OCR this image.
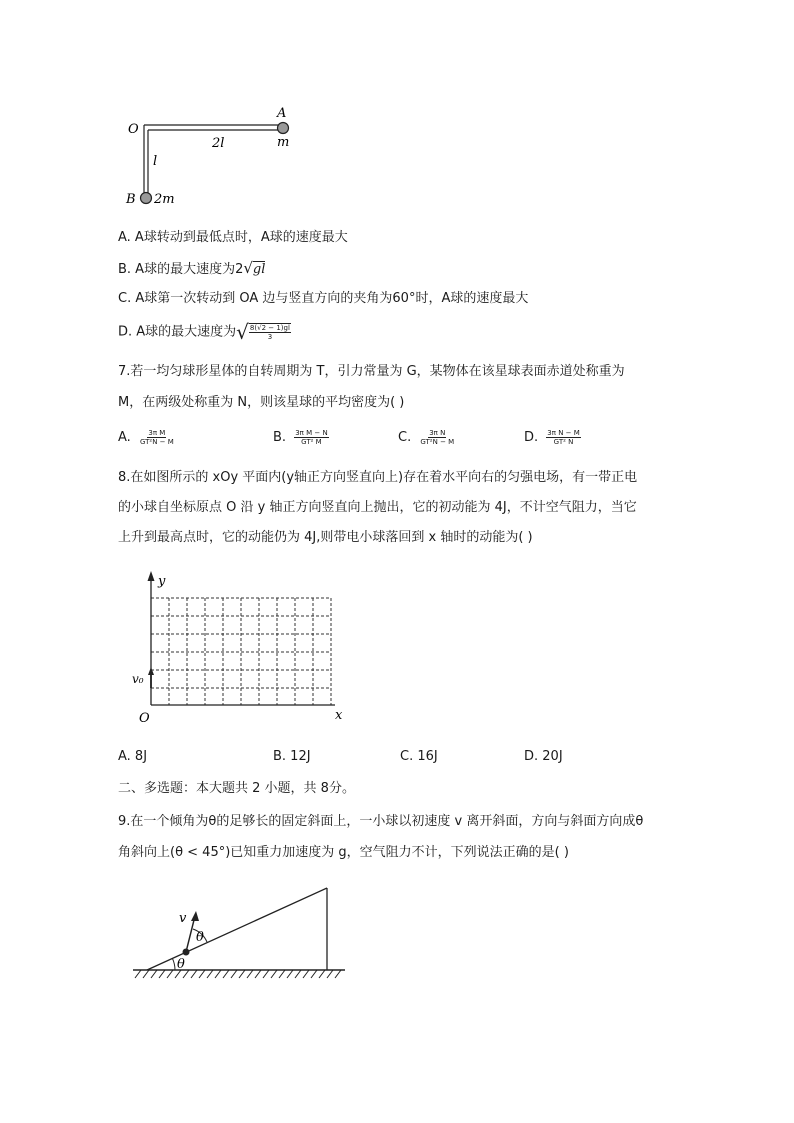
O
A
2l	m
l
B 2m
A. A球转动到最低点时，A球的速度最大
B. A球的最大速度为2√gl
C. A球第一次转动到 OA 边与竖直方向的夹角为60°时，A球的速度最大
D. A球的最大速度为√ $\frac{8(√2 - 1)gl}{3}$
7.若一均匀球形星体的自转周期为 T，引力常量为 G，某物体在该星球表面赤道处称重为
M，在两级处称重为 N，则该星球的平均密度为( )
A. $\frac{\text{3π M}}{\text{GT²N − M}}$	B. $\frac{\text{3π M − N}}{\text{GT² M}}$	C. $\frac{\text{3π N}}{\text{GT²N − M}}$	D. $\frac{\text{3π N − M}}{\text{GT² N}}$
8.在如图所示的 xOy 平面内(y轴正方向竖直向上)存在着水平向右的匀强电场，有一带正电
的小球自坐标原点 O 沿 y 轴正方向竖直向上抛出，它的初动能为 4J，不计空气阻力，当它
上升到最高点时，它的动能仍为 4J,则带电小球落回到 x 轴时的动能为( )
y
x
O
v₀
A. 8J	B. 12J	C. 16J	D. 20J
二、多选题：本大题共 2 小题，共 8分。
9.在一个倾角为θ的足够长的固定斜面上，一小球以初速度 v 离开斜面，方向与斜面方向成θ
角斜向上(θ < 45°)已知重力加速度为 g，空气阻力不计，下列说法正确的是( )
v
θ
θ
